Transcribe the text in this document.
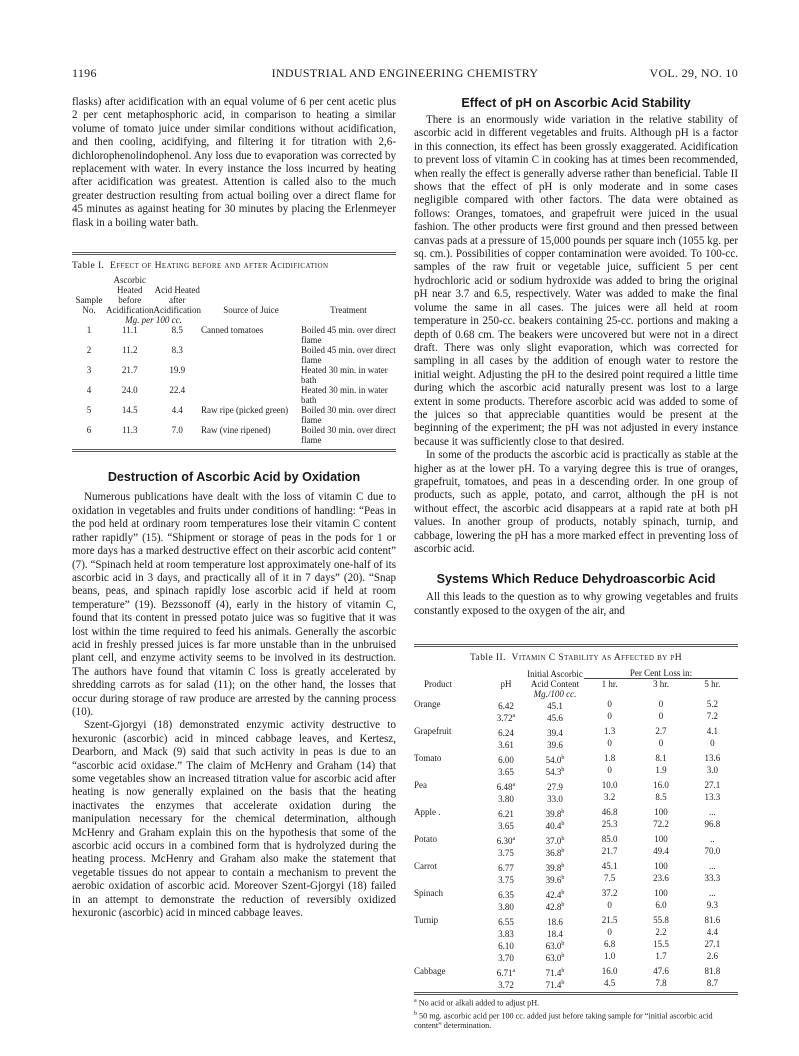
1196	INDUSTRIAL AND ENGINEERING CHEMISTRY	VOL. 29, NO. 10

flasks) after acidification with an equal volume of 6 per cent acetic plus 2 per cent metaphosphoric acid, in comparison to heating a similar volume of tomato juice under similar conditions without acidification, and then cooling, acidifying, and filtering it for titration with 2,6-dichlorophenolindophenol. Any loss due to evaporation was corrected by replacement with water. In every instance the loss incurred by heating after acidification was greatest. Attention is called also to the much greater destruction resulting from actual boiling over a direct flame for 45 minutes as against heating for 30 minutes by placing the Erlenmeyer flask in a boiling water bath.

Table I. Effect of Heating before and after Acidification
Sample No.	Ascorbic Heated before Acidification	Acid Heated after Acidification	Source of Juice	Treatment
	Mg. per 100 cc.			
1	11.1	8.5	Canned tomatoes	Boiled 45 min. over direct flame
2	11.2	8.3		Boiled 45 min. over direct flame
3	21.7	19.9		Heated 30 min. in water bath
4	24.0	22.4		Heated 30 min. in water bath
5	14.5	4.4	Raw ripe (picked green)	Boiled 30 min. over direct flame
6	11.3	7.0	Raw (vine ripened)	Boiled 30 min. over direct flame
Destruction of Ascorbic Acid by Oxidation

Numerous publications have dealt with the loss of vitamin C due to oxidation in vegetables and fruits under conditions of handling: “Peas in the pod held at ordinary room temperatures lose their vitamin C content rather rapidly” (15). “Shipment or storage of peas in the pods for 1 or more days has a marked destructive effect on their ascorbic acid content” (7). “Spinach held at room temperature lost approximately one-half of its ascorbic acid in 3 days, and practically all of it in 7 days” (20). “Snap beans, peas, and spinach rapidly lose ascorbic acid if held at room temperature” (19). Bezssonoff (4), early in the history of vitamin C, found that its content in pressed potato juice was so fugitive that it was lost within the time required to feed his animals. Generally the ascorbic acid in freshly pressed juices is far more unstable than in the unbruised plant cell, and enzyme activity seems to be involved in its destruction. The authors have found that vitamin C loss is greatly accelerated by shredding carrots as for salad (11); on the other hand, the losses that occur during storage of raw produce are arrested by the canning process (10).

Szent-Gjorgyi (18) demonstrated enzymic activity destructive to hexuronic (ascorbic) acid in minced cabbage leaves, and Kertesz, Dearborn, and Mack (9) said that such activity in peas is due to an “ascorbic acid oxidase.” The claim of McHenry and Graham (14) that some vegetables show an increased titration value for ascorbic acid after heating is now generally explained on the basis that the heating inactivates the enzymes that accelerate oxidation during the manipulation necessary for the chemical determination, although McHenry and Graham explain this on the hypothesis that some of the ascorbic acid occurs in a combined form that is hydrolyzed during the heating process. McHenry and Graham also make the statement that vegetable tissues do not appear to contain a mechanism to prevent the aerobic oxidation of ascorbic acid. Moreover Szent-Gjorgyi (18) failed in an attempt to demonstrate the reduction of reversibly oxidized hexuronic (ascorbic) acid in minced cabbage leaves.

Effect of pH on Ascorbic Acid Stability

There is an enormously wide variation in the relative stability of ascorbic acid in different vegetables and fruits. Although pH is a factor in this connection, its effect has been grossly exaggerated. Acidification to prevent loss of vitamin C in cooking has at times been recommended, when really the effect is generally adverse rather than beneficial. Table II shows that the effect of pH is only moderate and in some cases negligible compared with other factors. The data were obtained as follows: Oranges, tomatoes, and grapefruit were juiced in the usual fashion. The other products were first ground and then pressed between canvas pads at a pressure of 15,000 pounds per square inch (1055 kg. per sq. cm.). Possibilities of copper contamination were avoided. To 100-cc. samples of the raw fruit or vegetable juice, sufficient 5 per cent hydrochloric acid or sodium hydroxide was added to bring the original pH near 3.7 and 6.5, respectively. Water was added to make the final volume the same in all cases. The juices were all held at room temperature in 250-cc. beakers containing 25-cc. portions and making a depth of 0.68 cm. The beakers were uncovered but were not in a direct draft. There was only slight evaporation, which was corrected for sampling in all cases by the addition of enough water to restore the initial weight. Adjusting the pH to the desired point required a little time during which the ascorbic acid naturally present was lost to a large extent in some products. Therefore ascorbic acid was added to some of the juices so that appreciable quantities would be present at the beginning of the experiment; the pH was not adjusted in every instance because it was sufficiently close to that desired.

In some of the products the ascorbic acid is practically as stable at the higher as at the lower pH. To a varying degree this is true of oranges, grapefruit, tomatoes, and peas in a descending order. In one group of products, such as apple, potato, and carrot, although the pH is not without effect, the ascorbic acid disappears at a rapid rate at both pH values. In another group of products, notably spinach, turnip, and cabbage, lowering the pH has a more marked effect in preventing loss of ascorbic acid.

Systems Which Reduce Dehydroascorbic Acid

All this leads to the question as to why growing vegetables and fruits constantly exposed to the oxygen of the air, and

Table II. Vitamin C Stability as Affected by pH
Product	pH	Initial Ascorbic Acid Content	Per Cent Loss in:		
			1 hr.	3 hr.	5 hr.
		Mg./100 cc.			
Orange	6.42	45.1	0	0	5.2
	3.72$^a$	45.6	0	0	7.2
Grapefruit	6.24	39.4	1.3	2.7	4.1
	3.61	39.6	0	0	0
Tomato	6.00	54.0$^b$	1.8	8.1	13.6
	3.65	54.3$^b$	0	1.9	3.0
Pea	6.48$^a$	27.9	10.0	16.0	27.1
	3.80	33.0	3.2	8.5	13.3
Apple .	6.21	39.8$^b$	46.8	100	...
	3.65	40.4$^b$	25.3	72.2	96.8
Potato	6.30$^a$	37.0$^b$	85.0	100	..
	3.75	36.8$^b$	21.7	49.4	70.0
Carrot	6.77	39.8$^b$	45.1	100	...
	3.75	39.6$^b$	7.5	23.6	33.3
Spinach	6.35	42.4$^b$	37.2	100	...
	3.80	42.8$^b$	0	6.0	9.3
Turnip	6.55	18.6	21.5	55.8	81.6
	3.83	18.4	0	2.2	4.4
	6.10	63.0$^b$	6.8	15.5	27.1
	3.70	63.0$^b$	1.0	1.7	2.6
Cabbage	6.71$^a$	71.4$^b$	16.0	47.6	81.8
	3.72	71.4$^b$	4.5	7.8	8.7
$^a$ No acid or alkali added to adjust pH.
$^b$ 50 mg. ascorbic acid per 100 cc. added just before taking sample for “initial ascorbic acid content” determination.
